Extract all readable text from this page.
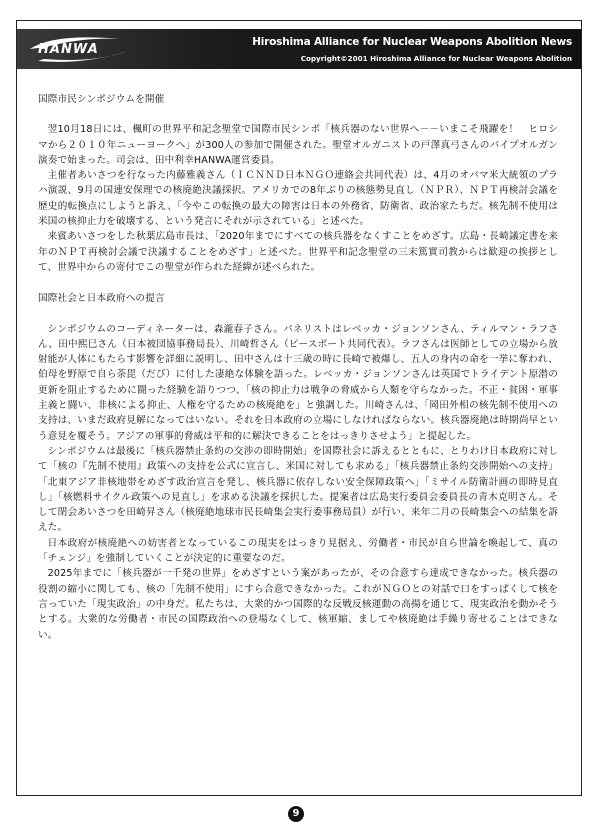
HANWA	Hiroshima Alliance for Nuclear Weapons Abolition News
Copyright©2001 Hiroshima Alliance for Nuclear Weapons Abolition
国際市民シンポジウムを開催

翌10月18日には、楓町の世界平和記念聖堂で国際市民シンポ「核兵器のない世界へ－－いまこそ飛躍を！　ヒロシマから２０１０年ニューヨークへ」が300人の参加で開催された。聖堂オルガニストの戸澤真弓さんのパイプオルガン演奏で始まった。司会は、田中利幸HANWA運営委員。

主催者あいさつを行なった内藤雅義さん（ＩＣＮＮＤ日本ＮＧＯ連絡会共同代表）は、4月のオバマ米大統領のプラハ演説、9月の国連安保理での核廃絶決議採択。アメリカでの8年ぶりの核態勢見直し（ＮＰＲ）、ＮＰＴ再検討会議を歴史的転換点にしようと訴え、「今やこの転換の最大の障害は日本の外務省、防衛省、政治家たちだ。核先制不使用は米国の核抑止力を破壊する、という発言にそれが示されている」と述べた。

来賓あいさつをした秋葉広島市長は、「2020年までにすべての核兵器をなくすことをめざす。広島・長崎議定書を来年のＮＰＴ再検討会議で決議することをめざす」と述べた。世界平和記念聖堂の三末篤實司教からは歓迎の挨拶として、世界中からの寄付でこの聖堂が作られた経緯が述べられた。

国際社会と日本政府への提言

シンポジウムのコーディネーターは、森瀧春子さん。パネリストはレベッカ・ジョンソンさん、ティルマン・ラフさん、田中熙巳さん（日本被団協事務局長）、川崎哲さん（ピースボート共同代表）。ラフさんは医師としての立場から放射能が人体にもたらす影響を詳細に説明し、田中さんは十三歳の時に長崎で被爆し、五人の身内の命を一挙に奪われ、伯母を野原で自ら荼毘（だび）に付した凄絶な体験を語った。レベッカ・ジョンソンさんは英国でトライデント原潜の更新を阻止するために闘った経験を語りつつ、「核の抑止力は戦争の脅威から人類を守らなかった。不正・貧困・軍事主義と闘い、非核による抑止、人権を守るための核廃絶を」と強調した。川崎さんは、「岡田外相の核先制不使用への支持は、いまだ政府見解になってはいない。それを日本政府の立場にしなければならない。核兵器廃絶は時期尚早という意見を覆そう。アジアの軍事的脅威は平和的に解決できることをはっきりさせよう」と提起した。

シンポジウムは最後に「核兵器禁止条約の交渉の即時開始」を国際社会に訴えるとともに、とりわけ日本政府に対して「核の『先制不使用』政策への支持を公式に宣言し、米国に対しても求める」「核兵器禁止条約交渉開始への支持」「北東アジア非核地帯をめざす政治宣言を発し、核兵器に依存しない安全保障政策へ」「ミサイル防衛計画の即時見直し」「核燃料サイクル政策への見直し」を求める決議を採択した。提案者は広島実行委員会委員長の青木克明さん。そして閉会あいさつを田崎昇さん（核廃絶地球市民長崎集会実行委事務局員）が行い、来年二月の長崎集会への結集を訴えた。

日本政府が核廃絶への妨害者となっているこの現実をはっきり見据え、労働者・市民が自ら世論を喚起して、真の「チェンジ」を強制していくことが決定的に重要なのだ。

2025年までに「核兵器が一千発の世界」をめざすという案があったが、その合意すら達成できなかった。核兵器の役割の縮小に関しても、核の「先制不使用」にすら合意できなかった。これがＮＧＯとの対話で口をすっぱくして核を言っていた「現実政治」の中身だ。私たちは、大衆的かつ国際的な反戦反核運動の高揚を通じて、現実政治を動かそうとする。大衆的な労働者・市民の国際政治への登場なくして、核軍縮、ましてや核廃絶は手繰り寄せることはできない。

9
